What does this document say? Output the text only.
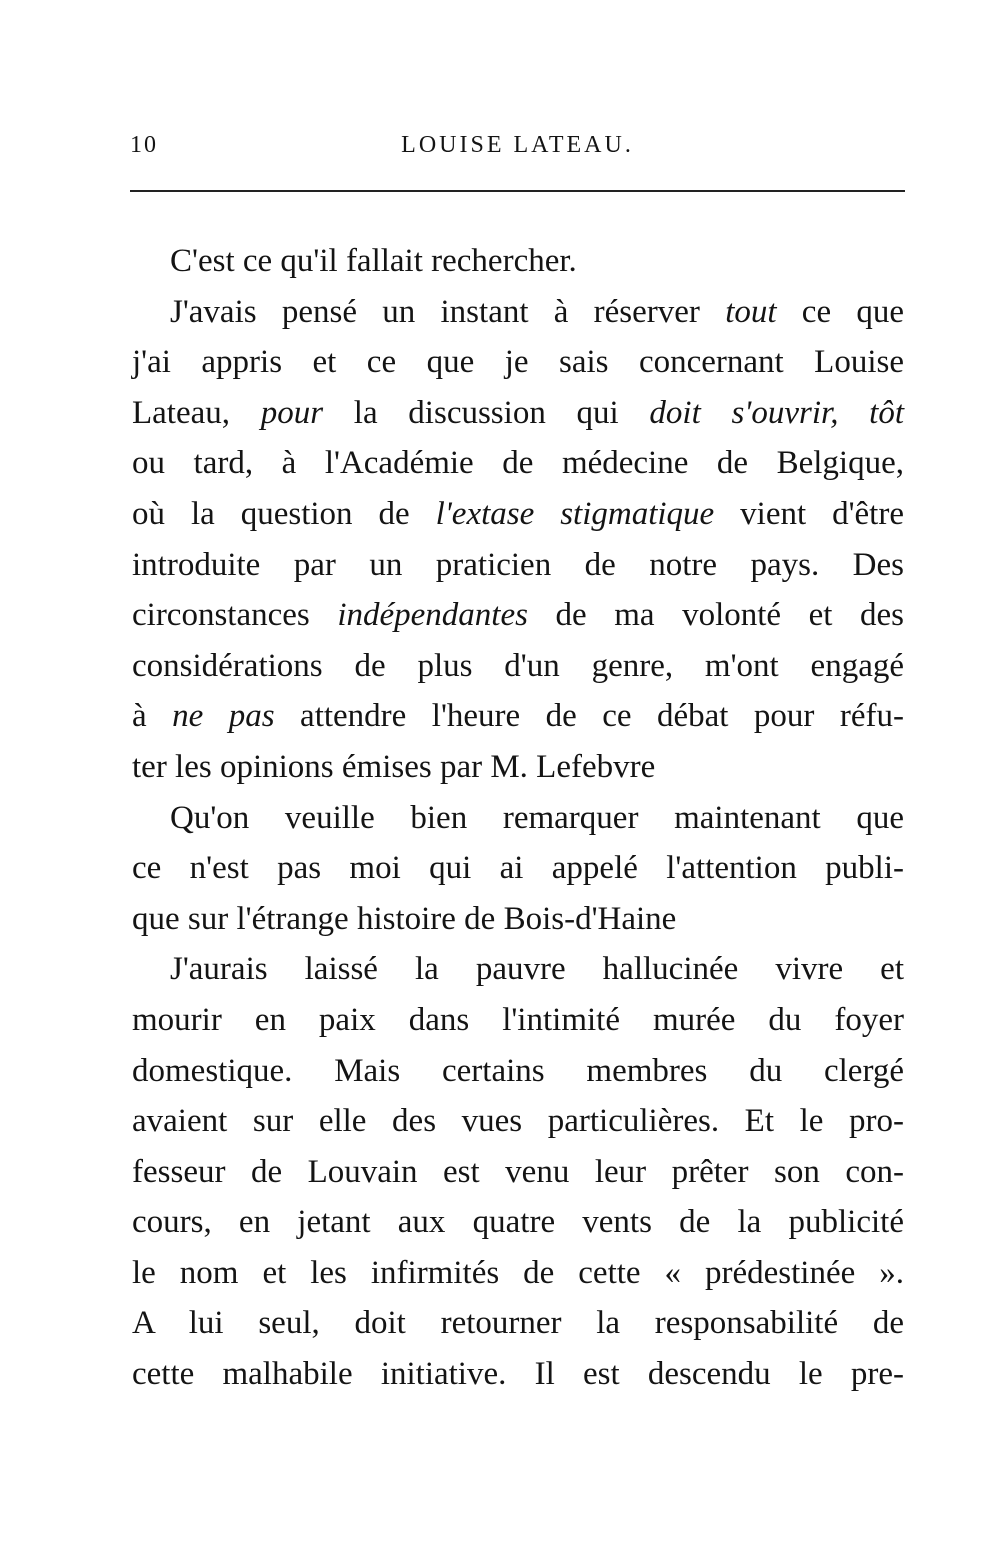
10	LOUISE LATEAU.
C'est ce qu'il fallait rechercher.
J'avais pensé un instant à réserver tout ce que
j'ai appris et ce que je sais concernant Louise
Lateau, pour la discussion qui doit s'ouvrir, tôt
ou tard, à l'Académie de médecine de Belgique,
où la question de l'extase stigmatique vient d'être
introduite par un praticien de notre pays. Des
circonstances indépendantes de ma volonté et des
considérations de plus d'un genre, m'ont engagé
à ne pas attendre l'heure de ce débat pour réfu-
ter les opinions émises par M. Lefebvre
Qu'on veuille bien remarquer maintenant que
ce n'est pas moi qui ai appelé l'attention publi-
que sur l'étrange histoire de Bois-d'Haine
J'aurais laissé la pauvre hallucinée vivre et
mourir en paix dans l'intimité murée du foyer
domestique. Mais certains membres du clergé
avaient sur elle des vues particulières. Et le pro-
fesseur de Louvain est venu leur prêter son con-
cours, en jetant aux quatre vents de la publicité
le nom et les infirmités de cette « prédestinée ».
A lui seul, doit retourner la responsabilité de
cette malhabile initiative. Il est descendu le pre-
